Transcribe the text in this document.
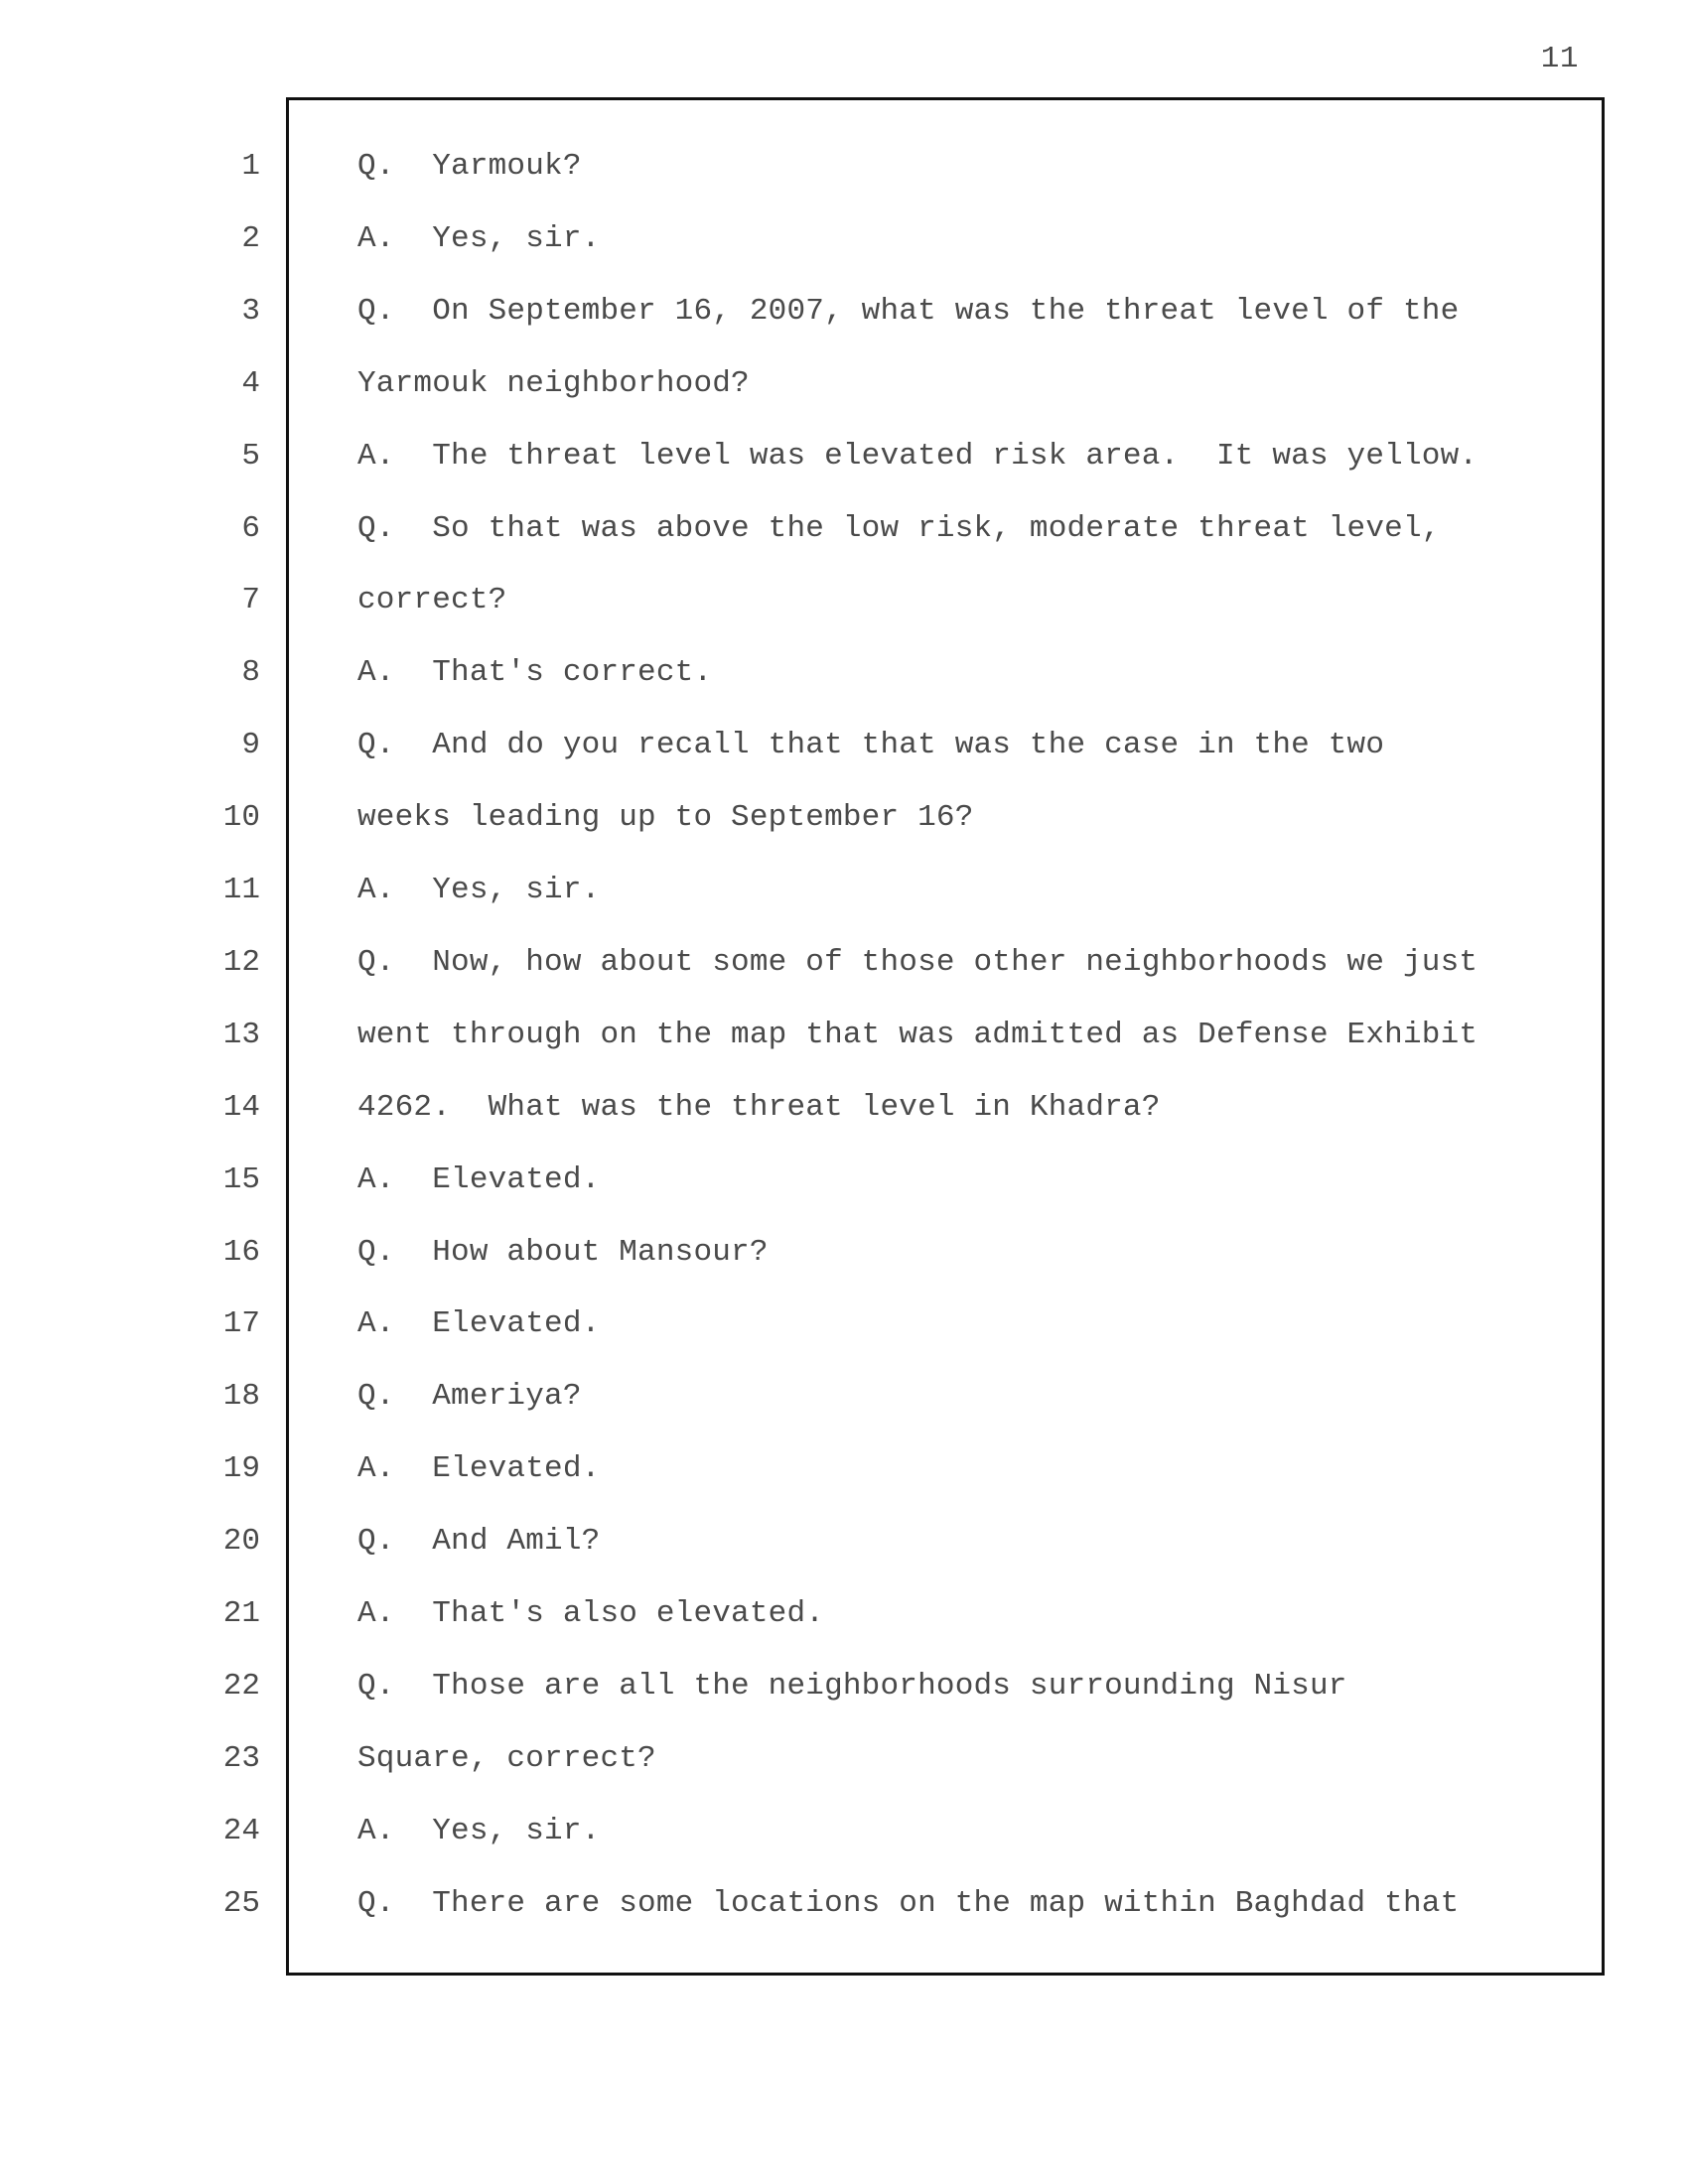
11
1
2
3
4
5
6
7
8
9
10
11
12
13
14
15
16
17
18
19
20
21
22
23
24
25
Q.  Yarmouk?
A.  Yes, sir.
Q.  On September 16, 2007, what was the threat level of the
Yarmouk neighborhood?
A.  The threat level was elevated risk area.  It was yellow.
Q.  So that was above the low risk, moderate threat level,
correct?
A.  That's correct.
Q.  And do you recall that that was the case in the two
weeks leading up to September 16?
A.  Yes, sir.
Q.  Now, how about some of those other neighborhoods we just
went through on the map that was admitted as Defense Exhibit
4262.  What was the threat level in Khadra?
A.  Elevated.
Q.  How about Mansour?
A.  Elevated.
Q.  Ameriya?
A.  Elevated.
Q.  And Amil?
A.  That's also elevated.
Q.  Those are all the neighborhoods surrounding Nisur
Square, correct?
A.  Yes, sir.
Q.  There are some locations on the map within Baghdad that
